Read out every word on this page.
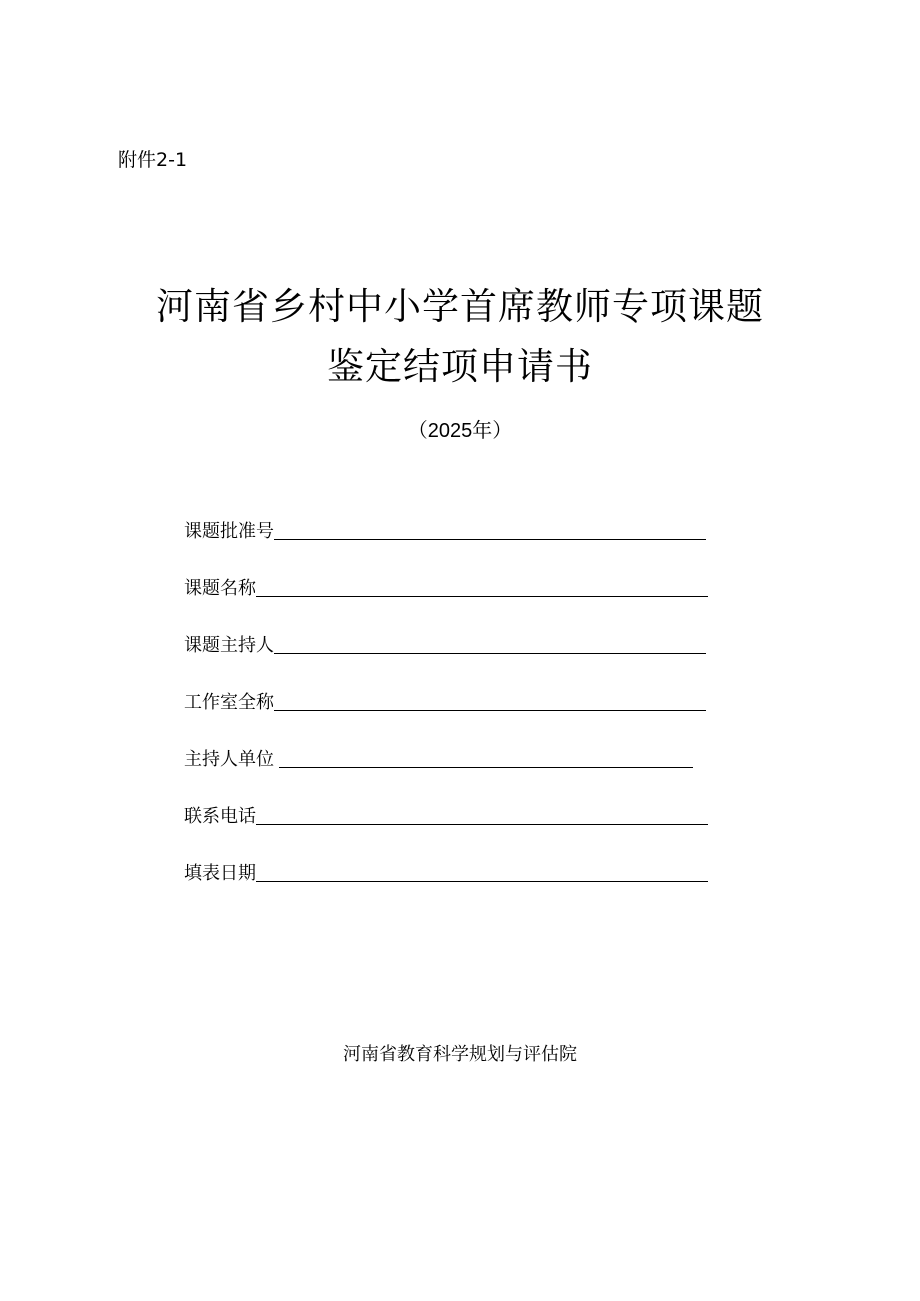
附件2-1
河南省乡村中小学首席教师专项课题
鉴定结项申请书
（2025年）
课题批准号
课题名称
课题主持人
工作室全称
主持人单位
联系电话
填表日期
河南省教育科学规划与评估院
